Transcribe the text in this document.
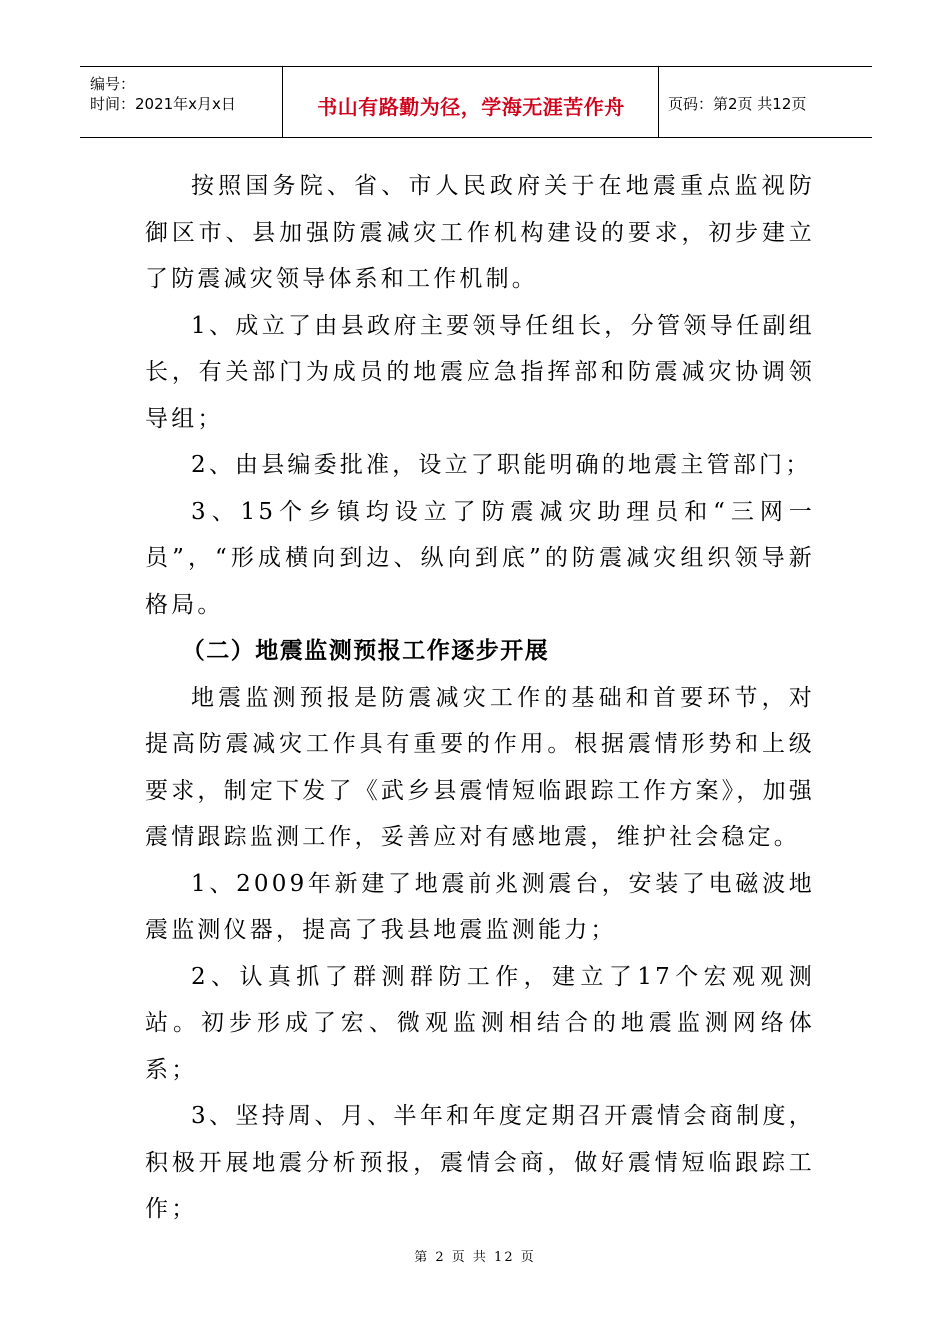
编号：
时间：2021年x月x日	书山有路勤为径，学海无涯苦作舟	页码：第2页 共12页

按照国务院、省、市人民政府关于在地震重点监视防御区市、县加强防震减灾工作机构建设的要求，初步建立了防震减灾领导体系和工作机制。

1、成立了由县政府主要领导任组长，分管领导任副组长，有关部门为成员的地震应急指挥部和防震减灾协调领导组；

2、由县编委批准，设立了职能明确的地震主管部门；

3、15个乡镇均设立了防震减灾助理员和“三网一员”，“形成横向到边、纵向到底”的防震减灾组织领导新格局。

（二）地震监测预报工作逐步开展

地震监测预报是防震减灾工作的基础和首要环节，对提高防震减灾工作具有重要的作用。根据震情形势和上级要求，制定下发了《武乡县震情短临跟踪工作方案》，加强震情跟踪监测工作，妥善应对有感地震，维护社会稳定。

1、2009年新建了地震前兆测震台，安装了电磁波地震监测仪器，提高了我县地震监测能力；

2、认真抓了群测群防工作，建立了17个宏观观测站。初步形成了宏、微观监测相结合的地震监测网络体系；

3、坚持周、月、半年和年度定期召开震情会商制度，积极开展地震分析预报，震情会商，做好震情短临跟踪工作；

第 2 页 共 12 页
